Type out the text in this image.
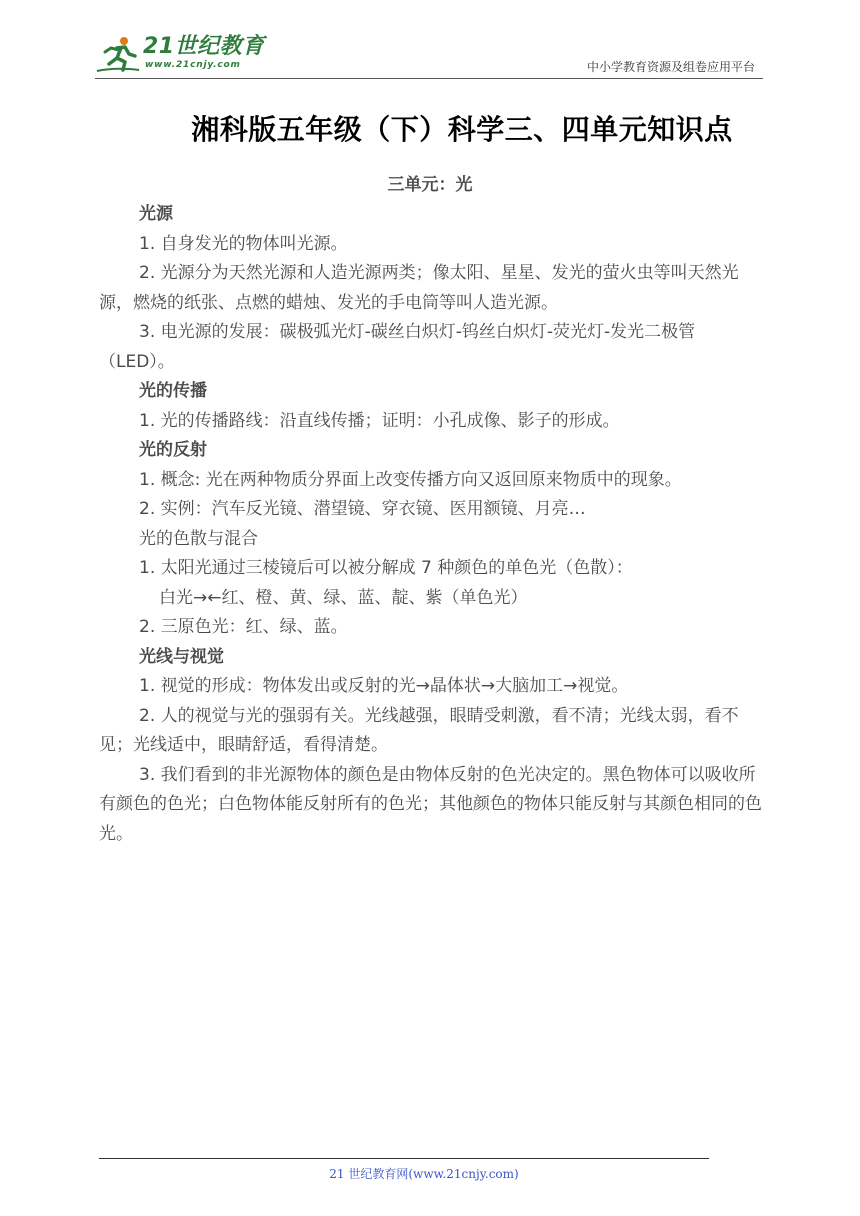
21世纪教育
www.21cnjy.com	中小学教育资源及组卷应用平台
湘科版五年级（下）科学三、四单元知识点
三单元：光

光源

1. 自身发光的物体叫光源。

2. 光源分为天然光源和人造光源两类；像太阳、星星、发光的萤火虫等叫天然光源，燃烧的纸张、点燃的蜡烛、发光的手电筒等叫人造光源。

3. 电光源的发展：碳极弧光灯-碳丝白炽灯-钨丝白炽灯-荧光灯-发光二极管（LED）。

光的传播

1. 光的传播路线：沿直线传播；证明：小孔成像、影子的形成。

光的反射

1. 概念: 光在两种物质分界面上改变传播方向又返回原来物质中的现象。

2. 实例：汽车反光镜、潜望镜、穿衣镜、医用额镜、月亮…

光的色散与混合

1. 太阳光通过三棱镜后可以被分解成 7 种颜色的单色光（色散）：

白光→←红、橙、黄、绿、蓝、靛、紫（单色光）

2. 三原色光：红、绿、蓝。

光线与视觉

1. 视觉的形成：物体发出或反射的光→晶体状→大脑加工→视觉。

2. 人的视觉与光的强弱有关。光线越强，眼睛受刺激，看不清；光线太弱，看不见；光线适中，眼睛舒适，看得清楚。

3. 我们看到的非光源物体的颜色是由物体反射的色光决定的。黑色物体可以吸收所有颜色的色光；白色物体能反射所有的色光；其他颜色的物体只能反射与其颜色相同的色光。

21 世纪教育网(www.21cnjy.com)
